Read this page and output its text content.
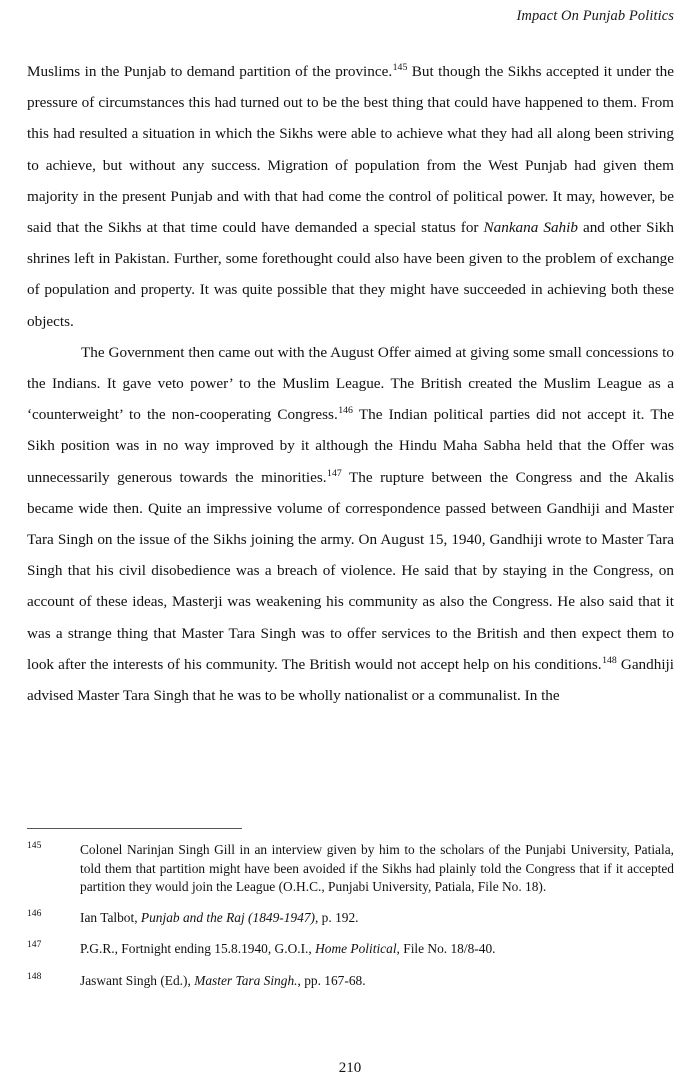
Impact On Punjab Politics

Muslims in the Punjab to demand partition of the province.$^{145}$ But though the Sikhs accepted it under the pressure of circumstances this had turned out to be the best thing that could have happened to them. From this had resulted a situation in which the Sikhs were able to achieve what they had all along been striving to achieve, but without any success. Migration of population from the West Punjab had given them majority in the present Punjab and with that had come the control of political power. It may, however, be said that the Sikhs at that time could have demanded a special status for Nankana Sahib and other Sikh shrines left in Pakistan. Further, some forethought could also have been given to the problem of exchange of population and property. It was quite possible that they might have succeeded in achieving both these objects.

The Government then came out with the August Offer aimed at giving some small concessions to the Indians. It gave veto power’ to the Muslim League. The British created the Muslim League as a ‘counterweight’ to the non-cooperating Congress.$^{146}$ The Indian political parties did not accept it. The Sikh position was in no way improved by it although the Hindu Maha Sabha held that the Offer was unnecessarily generous towards the minorities.$^{147}$ The rupture between the Congress and the Akalis became wide then. Quite an impressive volume of correspondence passed between Gandhiji and Master Tara Singh on the issue of the Sikhs joining the army. On August 15, 1940, Gandhiji wrote to Master Tara Singh that his civil disobedience was a breach of violence. He said that by staying in the Congress, on account of these ideas, Masterji was weakening his community as also the Congress. He also said that it was a strange thing that Master Tara Singh was to offer services to the British and then expect them to look after the interests of his community. The British would not accept help on his conditions.$^{148}$ Gandhiji advised Master Tara Singh that he was to be wholly nationalist or a communalist. In the

145	Colonel Narinjan Singh Gill in an interview given by him to the scholars of the Punjabi University, Patiala, told them that partition might have been avoided if the Sikhs had plainly told the Congress that if it accepted partition they would join the League (O.H.C., Punjabi University, Patiala, File No. 18).
146	Ian Talbot, Punjab and the Raj (1849-1947), p. 192.
147	P.G.R., Fortnight ending 15.8.1940, G.O.I., Home Political, File No. 18/8-40.
148	Jaswant Singh (Ed.), Master Tara Singh., pp. 167-68.
210
